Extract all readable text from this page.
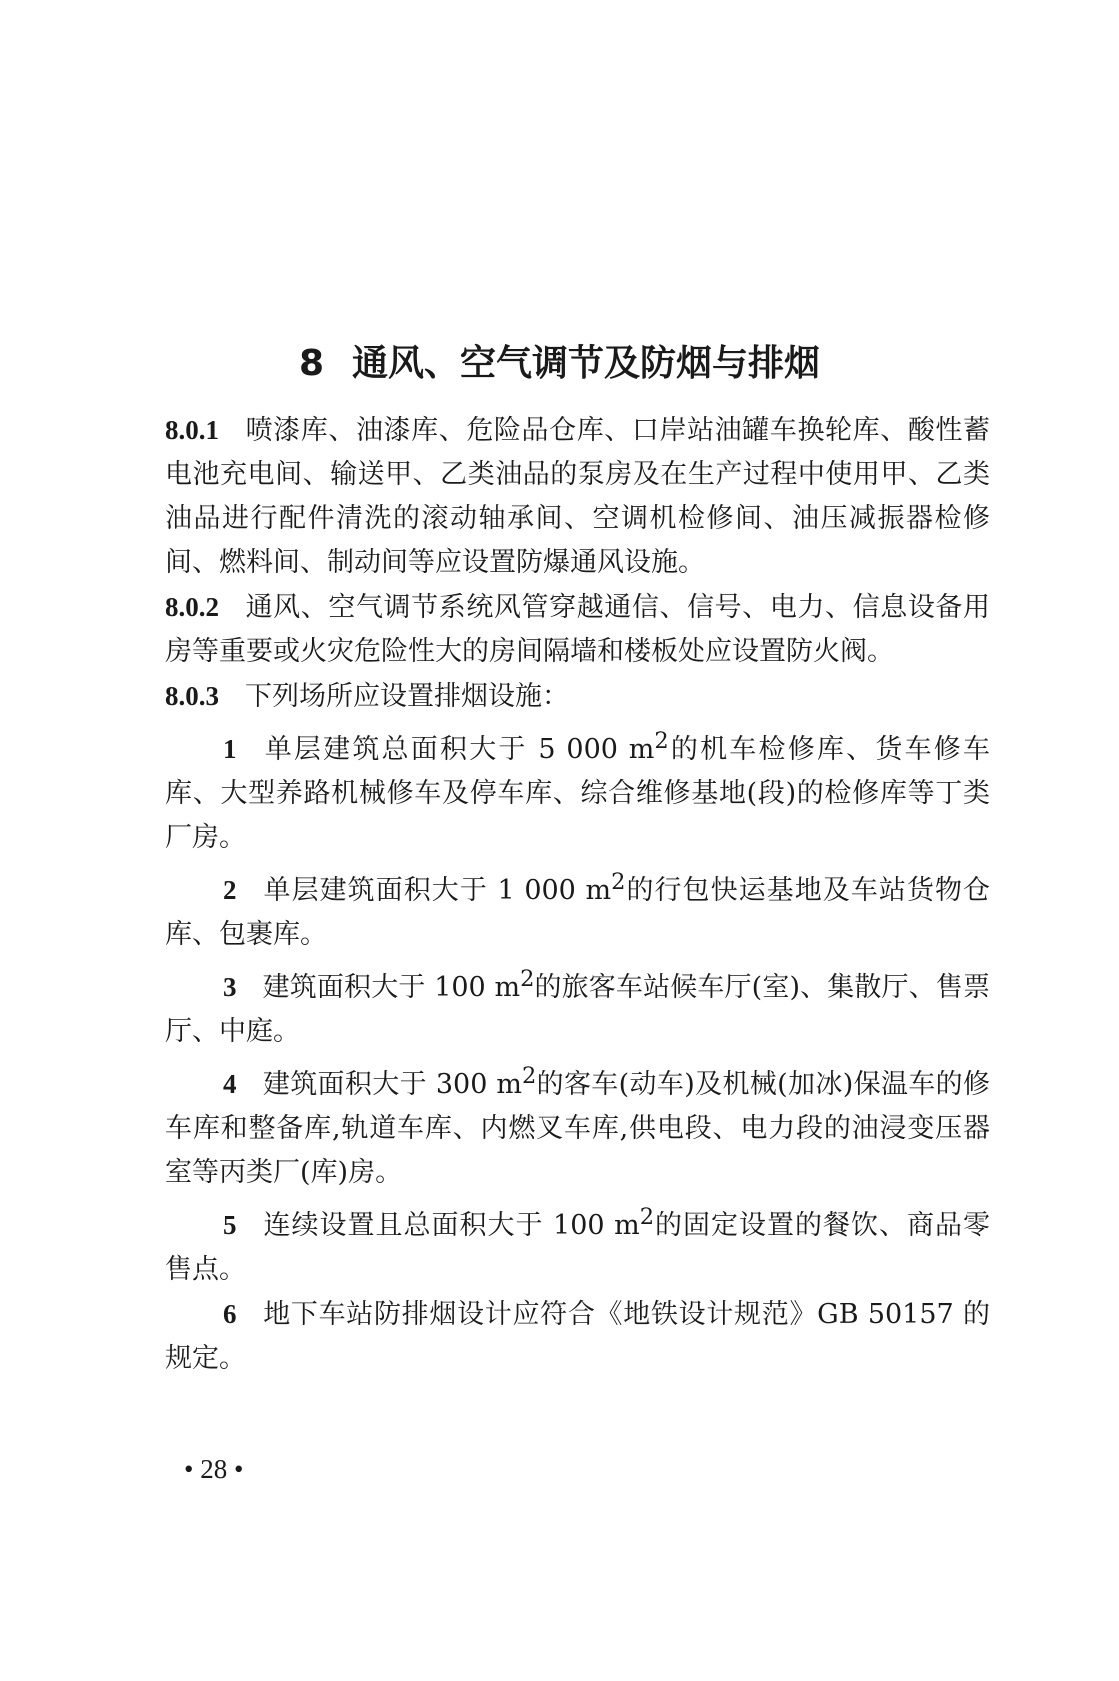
8 通风、空气调节及防烟与排烟

8.0.1 喷漆库、油漆库、危险品仓库、口岸站油罐车换轮库、酸性蓄电池充电间、输送甲、乙类油品的泵房及在生产过程中使用甲、乙类油品进行配件清洗的滚动轴承间、空调机检修间、油压减振器检修间、燃料间、制动间等应设置防爆通风设施。

8.0.2 通风、空气调节系统风管穿越通信、信号、电力、信息设备用房等重要或火灾危险性大的房间隔墙和楼板处应设置防火阀。

8.0.3 下列场所应设置排烟设施：

1 单层建筑总面积大于 5 000 $m^2$的机车检修库、货车修车库、大型养路机械修车及停车库、综合维修基地(段)的检修库等丁类厂房。

2 单层建筑面积大于 1 000 $m^2$的行包快运基地及车站货物仓库、包裹库。

3 建筑面积大于 100 $m^2$的旅客车站候车厅(室)、集散厅、售票厅、中庭。

4 建筑面积大于 300 $m^2$的客车(动车)及机械(加冰)保温车的修车库和整备库,轨道车库、内燃叉车库,供电段、电力段的油浸变压器室等丙类厂(库)房。

5 连续设置且总面积大于 100 $m^2$的固定设置的餐饮、商品零售点。

6 地下车站防排烟设计应符合《地铁设计规范》GB 50157 的规定。

• 28 •
